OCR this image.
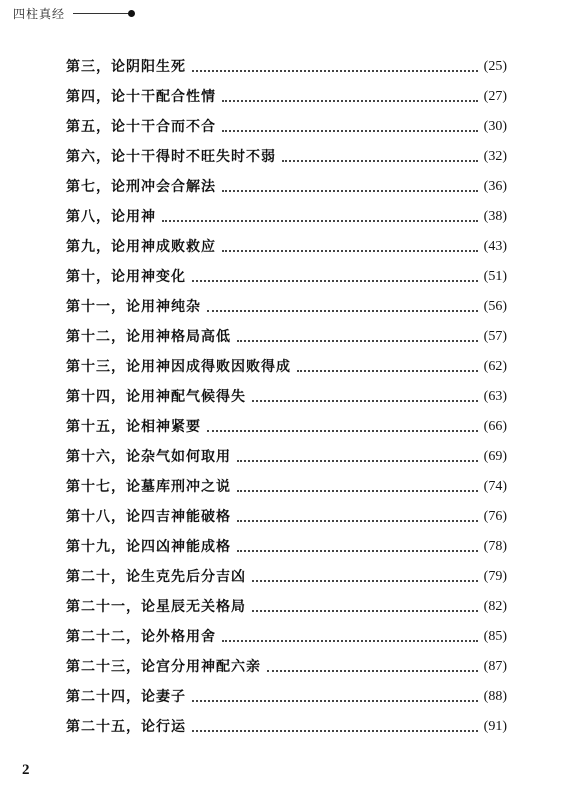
四柱真经
第三，论阴阳生死	(25)
第四，论十干配合性情	(27)
第五，论十干合而不合	(30)
第六，论十干得时不旺失时不弱	(32)
第七，论刑冲会合解法	(36)
第八，论用神	(38)
第九，论用神成败救应	(43)
第十，论用神变化	(51)
第十一，论用神纯杂	(56)
第十二，论用神格局高低	(57)
第十三，论用神因成得败因败得成	(62)
第十四，论用神配气候得失	(63)
第十五，论相神紧要	(66)
第十六，论杂气如何取用	(69)
第十七，论墓库刑冲之说	(74)
第十八，论四吉神能破格	(76)
第十九，论四凶神能成格	(78)
第二十，论生克先后分吉凶	(79)
第二十一，论星辰无关格局	(82)
第二十二，论外格用舍	(85)
第二十三，论宫分用神配六亲	(87)
第二十四，论妻子	(88)
第二十五，论行运	(91)
2
